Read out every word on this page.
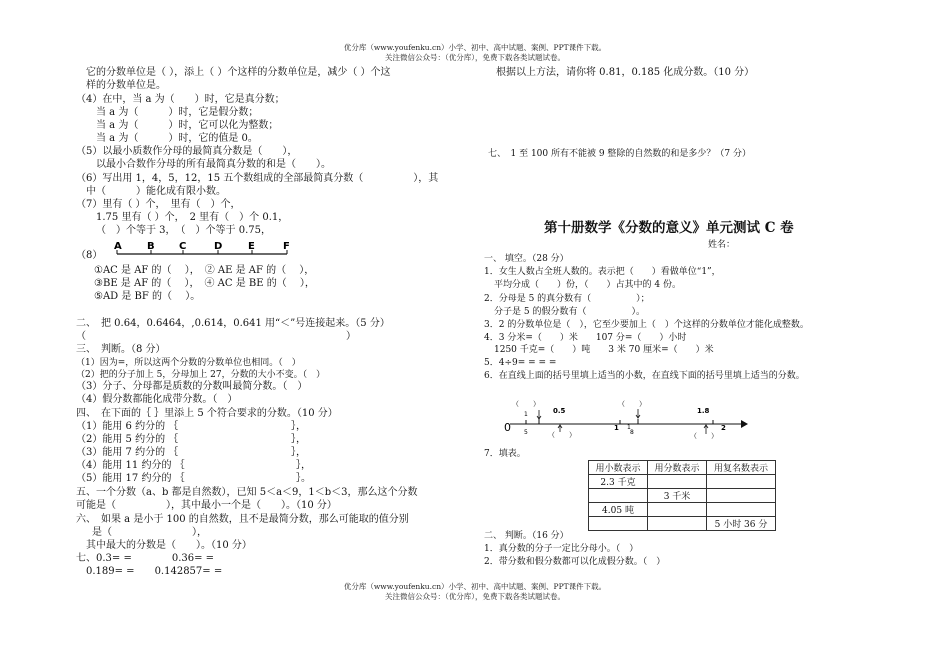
优分库（www.youfenku.cn）小学、初中、高中试题、案例、PPT课件下载。
关注微信公众号：（优分库），免费下载各类试题试卷。
优分库（www.youfenku.cn）小学、初中、高中试题、案例、PPT课件下载。
关注微信公众号：（优分库），免费下载各类试题试卷。
它的分数单位是（ ），添上（ ）个这样的分数单位是，减少（ ）个这
样的分数单位是。
（4）在中，当 a 为（　　）时，它是真分数；
当 a 为（　　　）时，它是假分数；
当 a 为（　　　）时，它可以化为整数；
当 a 为（　　　）时，它的值是 0。
（5）以最小质数作分母的最简真分数是（　　），
以最小合数作分母的所有最简真分数的和是（　　）。
（6）写出用 1，4，5，12，15 五个数组成的全部最简真分数（　　　　　），其
中（　　　）能化成有限小数。
（7）里有（ ）个，　里有（　）个，
1.75 里有（ ）个，　2 里有（　）个 0.1，
（　）个等于 3，　（　）个等于 0.75，
（8）
A	B C	D	E	F
①AC 是 AF 的（　 ），　② AE 是 AF 的（　 ），
③BE 是 AF 的（　 ），　④ AC 是 BE 的（　 ），
⑤AD 是 BF 的（　 ）。
二、　把 0.64，0.6464，,0.614，0.641 用“＜”号连接起来。（5 分）
（　　　　　　　　　　　　　　　　　　　　　　　　　　）
三、　判断。（8 分）
（1）因为=，所以这两个分数的分数单位也相同。（　）
（2）把的分子加上 5，分母加上 27，分数的大小不变。（　）
（3）分子、分母都是质数的分数叫最简分数。（　）
（4）假分数都能化成带分数。（　）
四、　在下面的｛ ｝里添上 5 个符合要求的分数。（10 分）
（1）能用 6 约分的 ｛	｝，
（2）能用 5 约分的 ｛	｝，
（3）能用 7 约分的 ｛	｝，
（4）能用 11 约分的 ｛	｝，
（5）能用 17 约分的 ｛	｝。
五、一个分数（a、b 都是自然数），已知 5＜a＜9，1＜b＜3，那么这个分数
可能是（　　　　　），其中最小一个是（　　）。（10 分）
六、　如果 a 是小于 100 的自然数，且不是最简分数，那么可能取的值分别
是（　　　　　　　　），
其中最大的分数是（　　）。（10 分）
七、0.3= =　　　　0.36= =
0.189= =　　0.142857= =
根据以上方法，请你将 0.81，0.185 化成分数。（10 分）
七、　1 至 100 所有不能被 9 整除的自然数的和是多少？（7 分）
第十册数学《分数的意义》单元测试 C 卷
姓名：
一、 填空。（28 分）
1．女生人数占全班人数的。表示把（　　）看做单位“1”，
平均分成（　　）份，（　　）占其中的 4 份。
2．分母是 5 的真分数有（　　　　　）；
分子是 5 的假分数有（　　　　　）。
3．2 的分数单位是（　），它至少要加上（　）个这样的分数单位才能化成整数。
4．3 分米=（　　）米　　107 分=（　　）小时
1250 千克=（　　）吨　　3 米 70 厘米=（　　）米
5．4÷9= = = =
6．在直线上面的括号里填上适当的小数，在直线下面的括号里填上适当的分数。
（　　）	（　　）
（　　）	（　　）
0.5	1.8
0	1	2
1
5
1
8
7．填表。
用小数表示	用分数表示	用复名数表示
2.3 千克		
	3 千米	
4.05 吨		
		5 小时 36 分
二、 判断。（16 分）
1．真分数的分子一定比分母小。（　）
2．带分数和假分数都可以化成假分数。（　）
